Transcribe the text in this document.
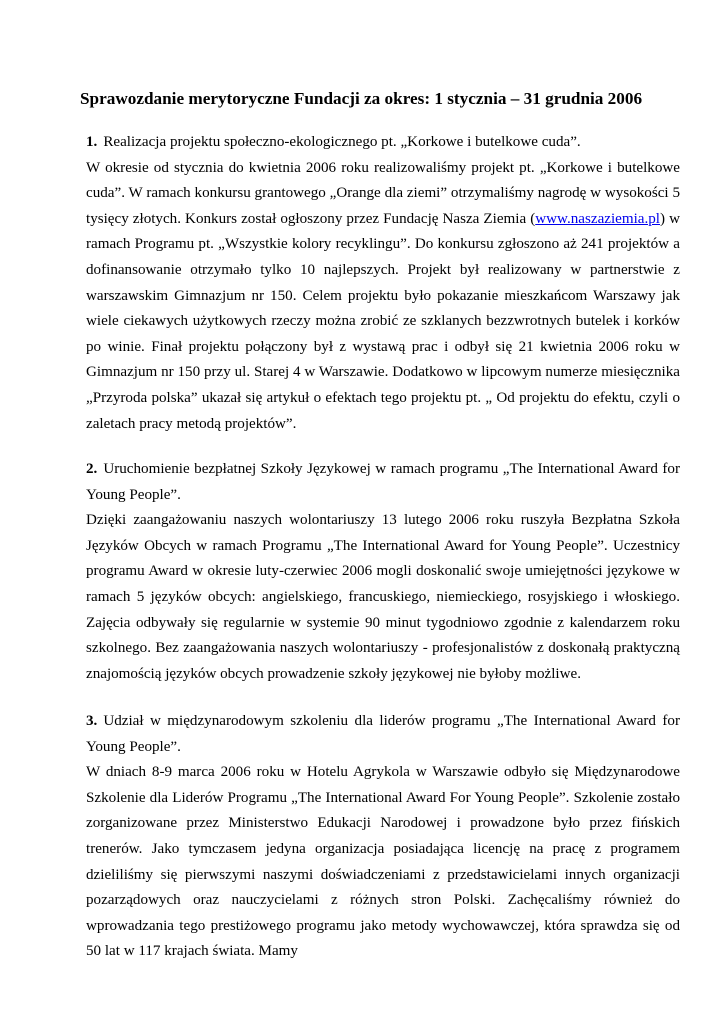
Sprawozdanie merytoryczne Fundacji za okres: 1 stycznia – 31 grudnia 2006

1. Realizacja projektu społeczno-ekologicznego pt. „Korkowe i butelkowe cuda”.

W okresie od stycznia do kwietnia 2006 roku realizowaliśmy projekt pt. „Korkowe i butelkowe cuda”. W ramach konkursu grantowego „Orange dla ziemi” otrzymaliśmy nagrodę w wysokości 5 tysięcy złotych. Konkurs został ogłoszony przez Fundację Nasza Ziemia (www.naszaziemia.pl) w ramach Programu pt. „Wszystkie kolory recyklingu”. Do konkursu zgłoszono aż 241 projektów a dofinansowanie otrzymało tylko 10 najlepszych. Projekt był realizowany w partnerstwie z warszawskim Gimnazjum nr 150. Celem projektu było pokazanie mieszkańcom Warszawy jak wiele ciekawych użytkowych rzeczy można zrobić ze szklanych bezzwrotnych butelek i korków po winie. Finał projektu połączony był z wystawą prac i odbył się 21 kwietnia 2006 roku w Gimnazjum nr 150 przy ul. Starej 4 w Warszawie. Dodatkowo w lipcowym numerze miesięcznika „Przyroda polska” ukazał się artykuł o efektach tego projektu pt. „ Od projektu do efektu, czyli o zaletach pracy metodą projektów”.

2. Uruchomienie bezpłatnej Szkoły Językowej w ramach programu „The International Award for Young People”.

Dzięki zaangażowaniu naszych wolontariuszy 13 lutego 2006 roku ruszyła Bezpłatna Szkoła Języków Obcych w ramach Programu „The International Award for Young People”. Uczestnicy programu Award w okresie luty-czerwiec 2006 mogli doskonalić swoje umiejętności językowe w ramach 5 języków obcych: angielskiego, francuskiego, niemieckiego, rosyjskiego i włoskiego. Zajęcia odbywały się regularnie w systemie 90 minut tygodniowo zgodnie z kalendarzem roku szkolnego. Bez zaangażowania naszych wolontariuszy - profesjonalistów z doskonałą praktyczną znajomością języków obcych prowadzenie szkoły językowej nie byłoby możliwe.

3. Udział w międzynarodowym szkoleniu dla liderów programu „The International Award for Young People”.

W dniach 8-9 marca 2006 roku w Hotelu Agrykola w Warszawie odbyło się Międzynarodowe Szkolenie dla Liderów Programu „The International Award For Young People”. Szkolenie zostało zorganizowane przez Ministerstwo Edukacji Narodowej i prowadzone było przez fińskich trenerów. Jako tymczasem jedyna organizacja posiadająca licencję na pracę z programem dzieliliśmy się pierwszymi naszymi doświadczeniami z przedstawicielami innych organizacji pozarządowych oraz nauczycielami z różnych stron Polski. Zachęcaliśmy również do wprowadzania tego prestiżowego programu jako metody wychowawczej, która sprawdza się od 50 lat w 117 krajach świata. Mamy
